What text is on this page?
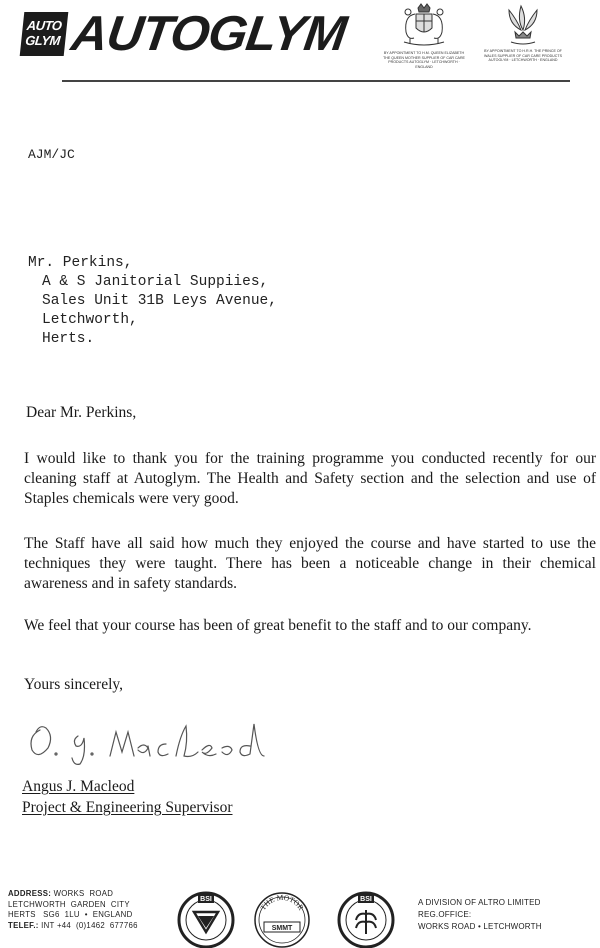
AUTO
GLYM AUTOGLYM	BY APPOINTMENT TO H.M. QUEEN ELIZABETH THE QUEEN MOTHER SUPPLIER OF CAR CARE PRODUCTS AUTOGLYM · LETCHWORTH · ENGLAND
BY APPOINTMENT TO H.R.H. THE PRINCE OF WALES SUPPLIER OF CAR CARE PRODUCTS AUTOGLYM · LETCHWORTH · ENGLAND
AJM/JC
Mr. Perkins,
A & S Janitorial Suppiies,
Sales Unit 31B Leys Avenue,
Letchworth,
Herts.
Dear Mr. Perkins,

I would like to thank you for the training programme you conducted recently for our cleaning staff at Autoglym. The Health and Safety section and the selection and use of Staples chemicals were very good.

The Staff have all said how much they enjoyed the course and have started to use the techniques they were taught. There has been a noticeable change in their chemical awareness and in safety standards.

We feel that your course has been of great benefit to the staff and to our company.

Yours sincerely,
Angus J. Macleod
Project & Engineering Supervisor
ADDRESS: WORKS  ROAD
LETCHWORTH  GARDEN  CITY
HERTS   SG6  1LU  •  ENGLAND
TELEF.: INT +44  (0)1462  677766
BSI
THE MOTOR
SMMT
BSI	A DIVISION OF ALTRO LIMITED
REG.OFFICE:
WORKS ROAD • LETCHWORTH
